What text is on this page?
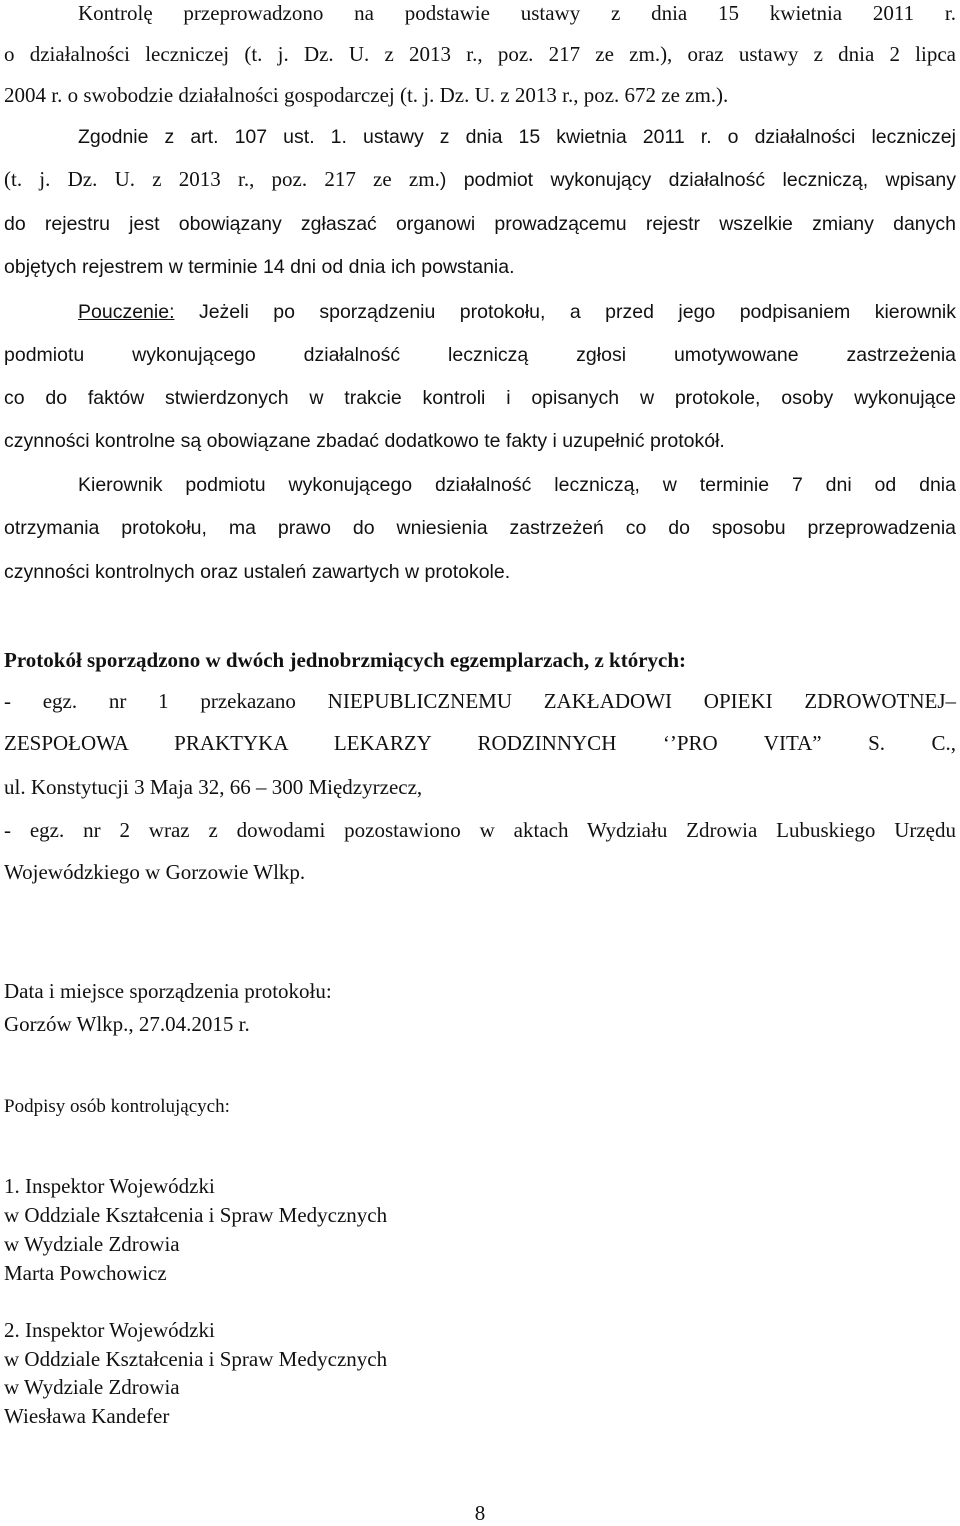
Kontrolę przeprowadzono na podstawie ustawy z dnia 15 kwietnia 2011 r.
o działalności leczniczej (t. j. Dz. U. z 2013 r., poz. 217 ze zm.), oraz ustawy z dnia 2 lipca
2004 r. o swobodzie działalności gospodarczej (t. j. Dz. U. z 2013 r., poz. 672 ze zm.).
Zgodnie z art. 107 ust. 1. ustawy z dnia 15 kwietnia 2011 r. o działalności leczniczej
(t. j. Dz. U. z 2013 r., poz. 217 ze zm.) podmiot wykonujący działalność leczniczą, wpisany
do rejestru jest obowiązany zgłaszać organowi prowadzącemu rejestr wszelkie zmiany danych
objętych rejestrem w terminie 14 dni od dnia ich powstania.
Pouczenie: Jeżeli po sporządzeniu protokołu, a przed jego podpisaniem kierownik
podmiotu wykonującego działalność leczniczą zgłosi umotywowane zastrzeżenia
co do faktów stwierdzonych w trakcie kontroli i opisanych w protokole, osoby wykonujące
czynności kontrolne są obowiązane zbadać dodatkowo te fakty i uzupełnić protokół.
Kierownik podmiotu wykonującego działalność leczniczą, w terminie 7 dni od dnia
otrzymania protokołu, ma prawo do wniesienia zastrzeżeń co do sposobu przeprowadzenia
czynności kontrolnych oraz ustaleń zawartych w protokole.
Protokół sporządzono w dwóch jednobrzmiących egzemplarzach, z których:
- egz. nr 1 przekazano NIEPUBLICZNEMU ZAKŁADOWI OPIEKI ZDROWOTNEJ–
ZESPOŁOWA PRAKTYKA LEKARZY RODZINNYCH ‘’PRO VITA” S. C.,
ul. Konstytucji 3 Maja 32, 66 – 300 Międzyrzecz,
- egz. nr 2 wraz z dowodami pozostawiono w aktach Wydziału Zdrowia Lubuskiego Urzędu
Wojewódzkiego w Gorzowie Wlkp.
Data i miejsce sporządzenia protokołu:
Gorzów Wlkp., 27.04.2015 r.
Podpisy osób kontrolujących:
1. Inspektor Wojewódzki
w Oddziale Kształcenia i Spraw Medycznych
w Wydziale Zdrowia
Marta Powchowicz
2. Inspektor Wojewódzki
w Oddziale Kształcenia i Spraw Medycznych
w Wydziale Zdrowia
Wiesława Kandefer
8
